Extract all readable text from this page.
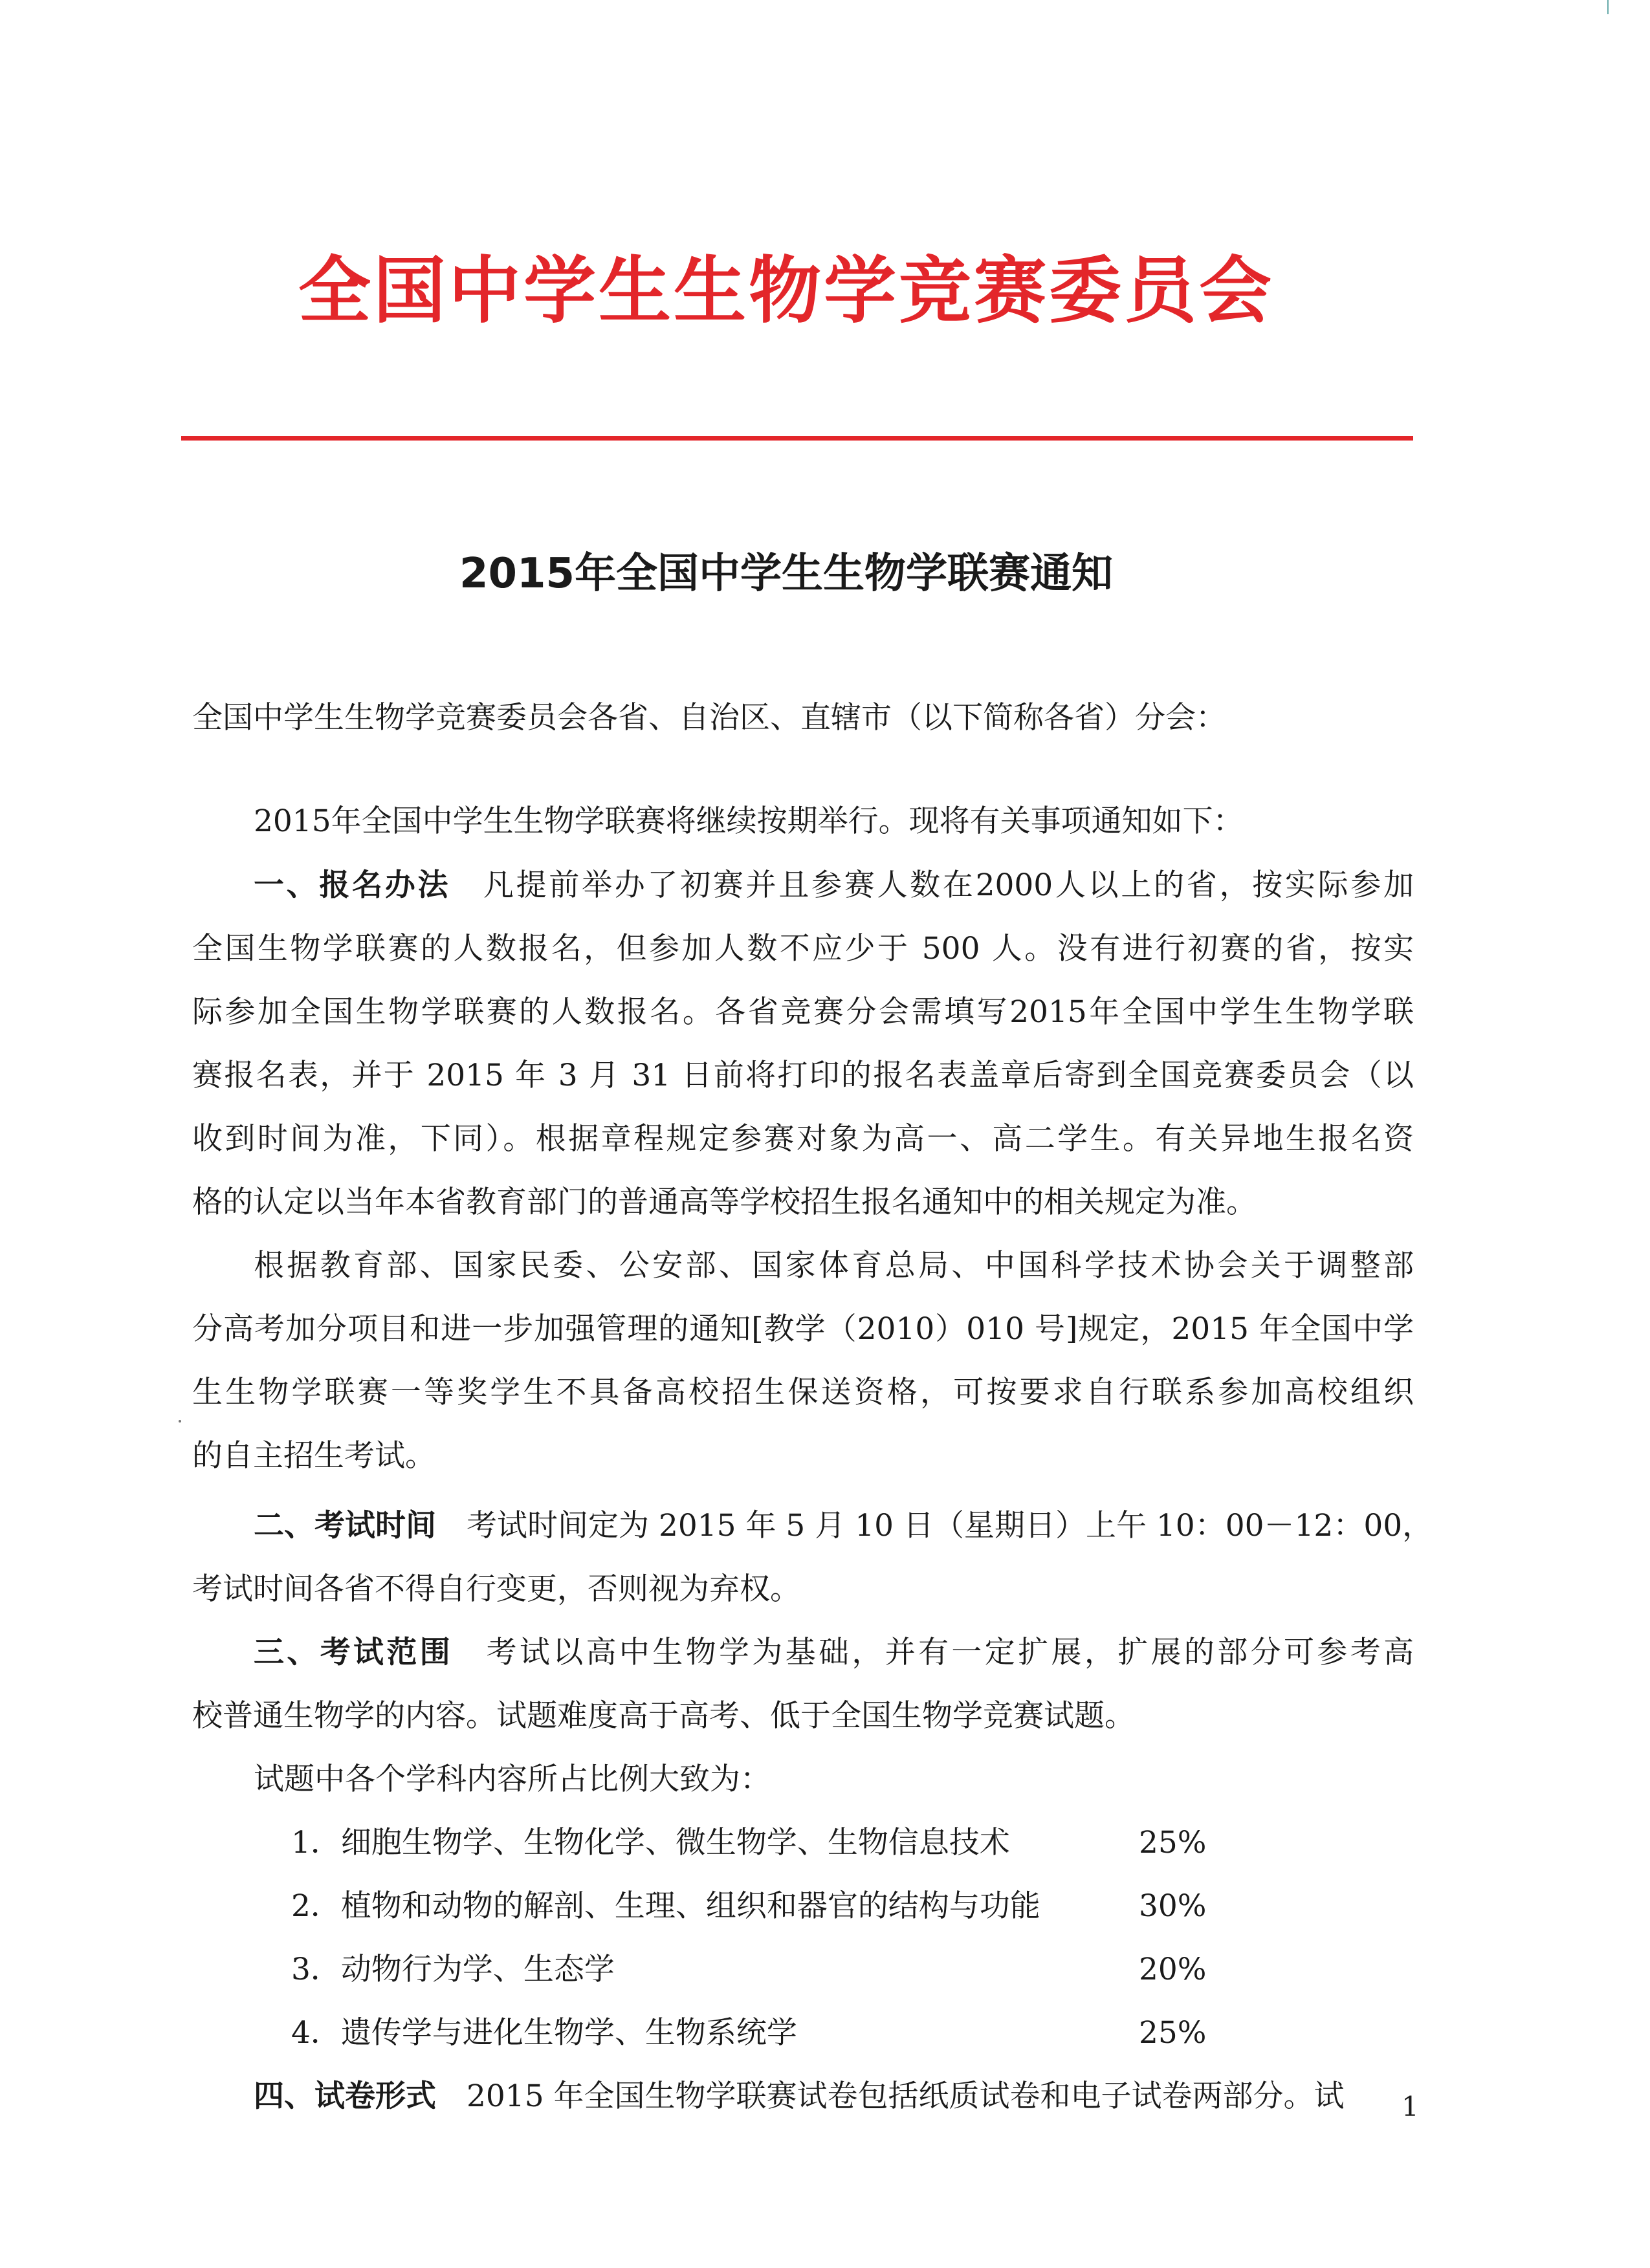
全国中学生生物学竞赛委员会
2015年全国中学生生物学联赛通知
全国中学生生物学竞赛委员会各省、自治区、直辖市（以下简称各省）分会：
2015年全国中学生生物学联赛将继续按期举行。现将有关事项通知如下：
一、报名办法　 凡提前举办了初赛并且参赛人数在2000人以上的省，按实际参加
全国生物学联赛的人数报名，但参加人数不应少于 500 人。没有进行初赛的省，按实
际参加全国生物学联赛的人数报名。各省竞赛分会需填写2015年全国中学生生物学联
赛报名表，并于 2015 年 3 月 31 日前将打印的报名表盖章后寄到全国竞赛委员会（以
收到时间为准，下同）。根据章程规定参赛对象为高一、高二学生。有关异地生报名资
格的认定以当年本省教育部门的普通高等学校招生报名通知中的相关规定为准。
根据教育部、国家民委、公安部、国家体育总局、中国科学技术协会关于调整部
分高考加分项目和进一步加强管理的通知[教学（2010）010 号]规定，2015 年全国中学
生生物学联赛一等奖学生不具备高校招生保送资格，可按要求自行联系参加高校组织
的自主招生考试。
二、考试时间　 考试时间定为 2015 年 5 月 10 日（星期日）上午 10：00－12：00，
考试时间各省不得自行变更，否则视为弃权。
三、考试范围　 考试以高中生物学为基础，并有一定扩展，扩展的部分可参考高
校普通生物学的内容。试题难度高于高考、低于全国生物学竞赛试题。
试题中各个学科内容所占比例大致为：
1．细胞生物学、生物化学、微生物学、生物信息技术	25%
2．植物和动物的解剖、生理、组织和器官的结构与功能	30%
3．动物行为学、生态学	20%
4．遗传学与进化生物学、生物系统学	25%
四、试卷形式　 2015 年全国生物学联赛试卷包括纸质试卷和电子试卷两部分。试 1
